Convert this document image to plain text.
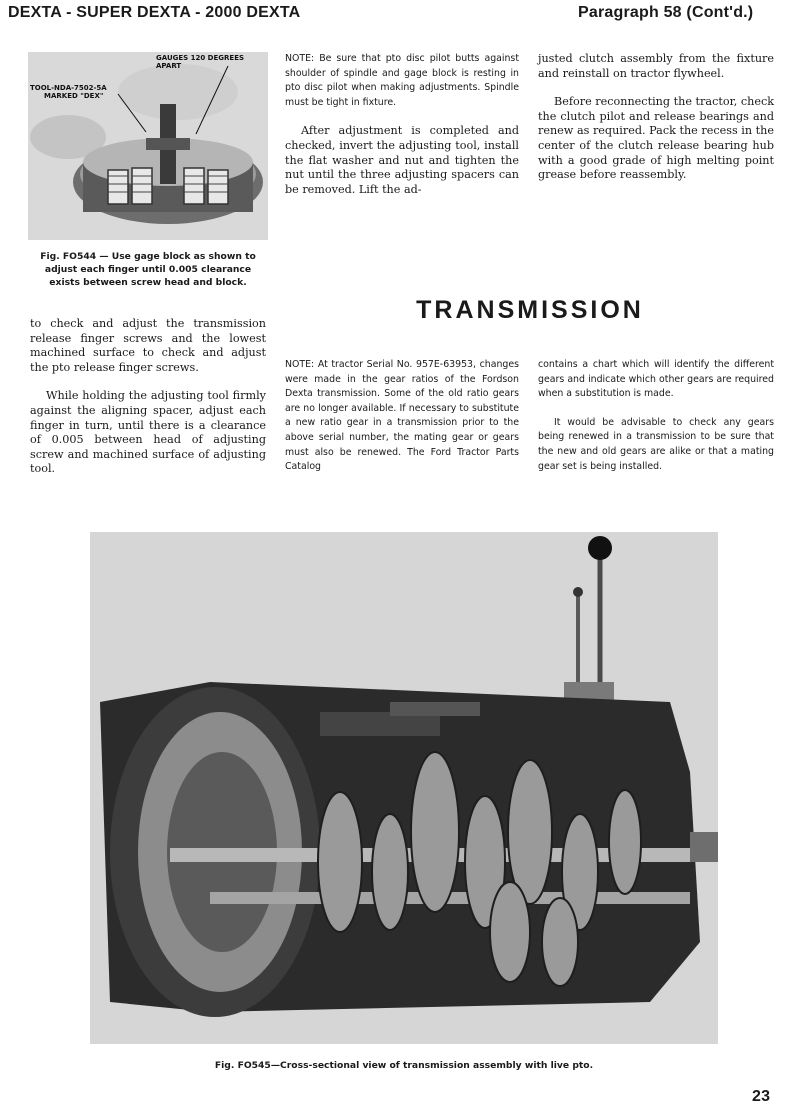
DEXTA - SUPER DEXTA - 2000 DEXTA	Paragraph 58 (Cont'd.)
GAUGES 120 DEGREES APART
TOOL-NDA-7502-5A
MARKED "DEX"
Fig. FO544 — Use gage block as shown to
adjust each finger until 0.005 clearance
exists between screw head and block.

to check and adjust the transmission release finger screws and the lowest machined surface to check and adjust the pto release finger screws.

While holding the adjusting tool firmly against the aligning spacer, adjust each finger in turn, until there is a clearance of 0.005 between head of adjusting screw and machined surface of adjusting tool.

NOTE: Be sure that pto disc pilot butts against shoulder of spindle and gage block is resting in pto disc pilot when making adjustments. Spindle must be tight in fixture.

After adjustment is completed and checked, invert the adjusting tool, install the flat washer and nut and tighten the nut until the three adjusting spacers can be removed. Lift the ad-

justed clutch assembly from the fixture and reinstall on tractor flywheel.

Before reconnecting the tractor, check the clutch pilot and release bearings and renew as required. Pack the recess in the center of the clutch release bearing hub with a good grade of high melting point grease before reassembly.

TRANSMISSION

NOTE: At tractor Serial No. 957E-63953, changes were made in the gear ratios of the Fordson Dexta transmission. Some of the old ratio gears are no longer available. If necessary to substitute a new ratio gear in a transmission prior to the above serial number, the mating gear or gears must also be renewed. The Ford Tractor Parts Catalog

contains a chart which will identify the different gears and indicate which other gears are required when a substitution is made.

It would be advisable to check any gears being renewed in a transmission to be sure that the new and old gears are alike or that a mating gear set is being installed.

Fig. FO545—Cross-sectional view of transmission assembly with live pto.
23
